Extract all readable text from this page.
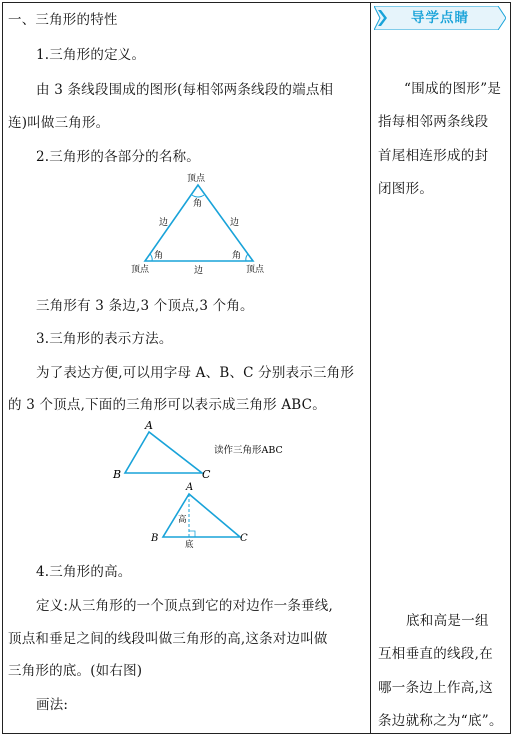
一、三角形的特性
1.三角形的定义。
由 3 条线段围成的图形(每相邻两条线段的端点相
连)叫做三角形。
2.三角形的各部分的名称。
顶点
角
边	边
角	角
顶点	边	顶点
三角形有 3 条边,3 个顶点,3 个角。
3.三角形的表示方法。
为了表达方便,可以用字母 A、B、C 分别表示三角形
的 3 个顶点,下面的三角形可以表示成三角形 ABC。
A
B	C
读作三角形ABC
A
B	C
高
底
4.三角形的高。
定义:从三角形的一个顶点到它的对边作一条垂线,
顶点和垂足之间的线段叫做三角形的高,这条对边叫做
三角形的底。(如右图)
画法:
导学点睛
“围成的图形”是
指每相邻两条线段
首尾相连形成的封
闭图形。
底和高是一组
互相垂直的线段,在
哪一条边上作高,这
条边就称之为“底”。
